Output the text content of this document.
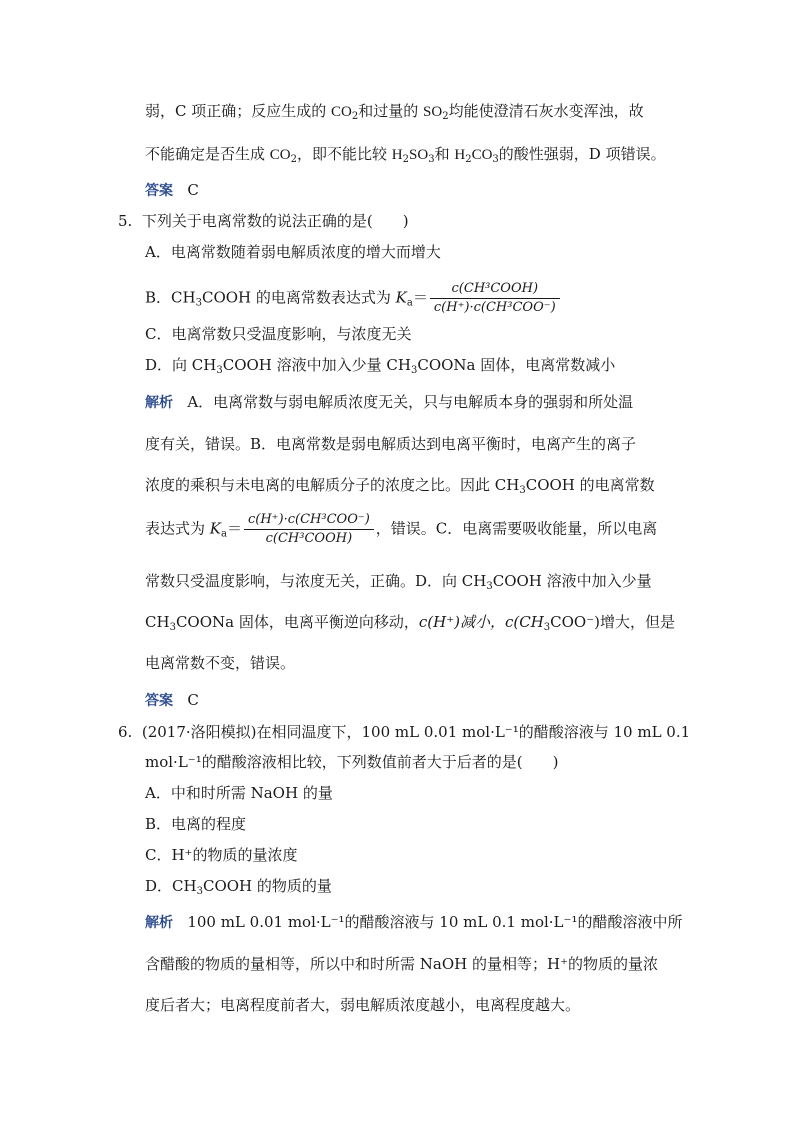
弱，C 项正确；反应生成的 $CO_2$和过量的 $SO_2$均能使澄清石灰水变浑浊，故
不能确定是否生成 $CO_2$，即不能比较 $H_2SO_3$和 $H_2CO_3$的酸性强弱，D 项错误。
答案 C
5. 下列关于电离常数的说法正确的是(　　)
A．电离常数随着弱电解质浓度的增大而增大
B．$CH_3COOH$ 的电离常数表达式为 $K_a= \frac{\text{c(CH³COOH)}}{\text{c(H⁺)·c(CH³COO⁻)}}$
C．电离常数只受温度影响，与浓度无关
D．向 $CH_3COOH$ 溶液中加入少量 $CH_3COONa$ 固体，电离常数减小
解析 A．电离常数与弱电解质浓度无关，只与电解质本身的强弱和所处温
度有关，错误。B．电离常数是弱电解质达到电离平衡时，电离产生的离子
浓度的乘积与未电离的电解质分子的浓度之比。因此 $CH_3COOH$ 的电离常数
表达式为 $K_a= \frac{\text{c(H⁺)·c(CH³COO⁻)}}{\text{c(CH³COOH)}}$ ，错误。C．电离需要吸收能量，所以电离
常数只受温度影响，与浓度无关，正确。D．向 $CH_3COOH$ 溶液中加入少量
$CH_3COONa$ 固体，电离平衡逆向移动，c(H⁺)减小，$c(CH_3COO^-)$增大，但是
电离常数不变，错误。
答案 C
6. (2017·洛阳模拟)在相同温度下，100 mL 0.01 mol·L⁻¹的醋酸溶液与 10 mL 0.1
mol·L⁻¹的醋酸溶液相比较，下列数值前者大于后者的是(　　)
A．中和时所需 NaOH 的量
B．电离的程度
C．H⁺的物质的量浓度
D．$CH_3COOH$ 的物质的量
解析 100 mL 0.01 mol·L⁻¹的醋酸溶液与 10 mL 0.1 mol·L⁻¹的醋酸溶液中所
含醋酸的物质的量相等，所以中和时所需 NaOH 的量相等；H⁺的物质的量浓
度后者大；电离程度前者大，弱电解质浓度越小，电离程度越大。
